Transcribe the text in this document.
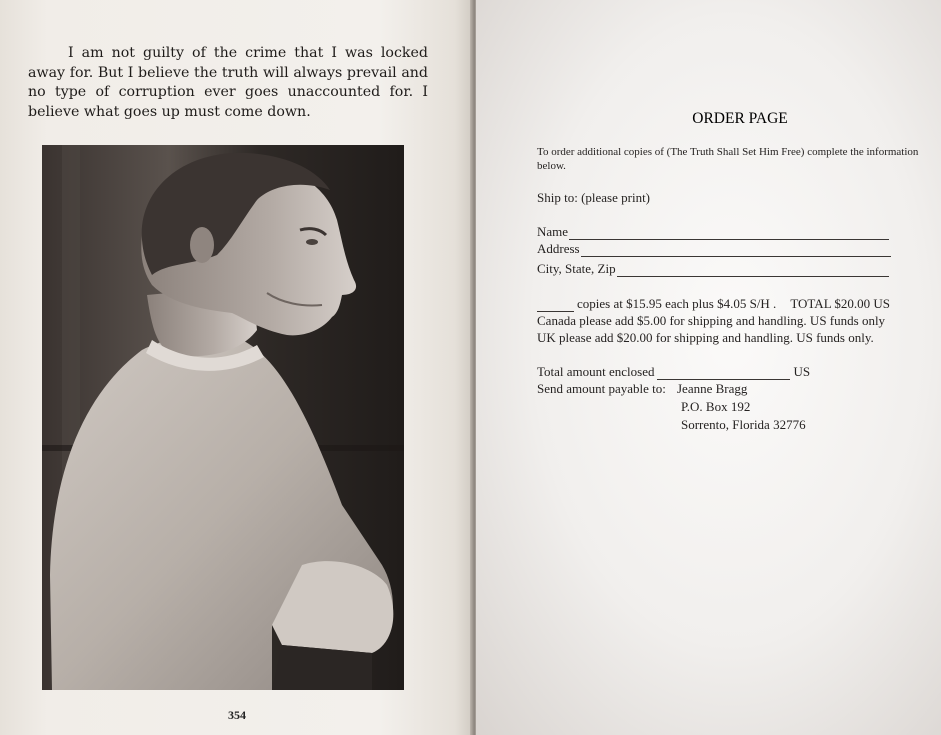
I am not guilty of the crime that I was locked away for. But I believe the truth will always prevail and no type of corruption ever goes unaccounted for. I believe what goes up must come down.

354
ORDER PAGE
To order additional copies of (The Truth Shall Set Him Free) complete the information below.
Ship to: (please print)
Name
Address
City, State, Zip
copies at $15.95 each plus $4.05 S/H . TOTAL $20.00 US
Canada please add $5.00 for shipping and handling. US funds only
UK please add $20.00 for shipping and handling. US funds only.
Total amount enclosed	US
Send amount payable to: Jeanne Bragg
P.O. Box 192
Sorrento, Florida 32776
